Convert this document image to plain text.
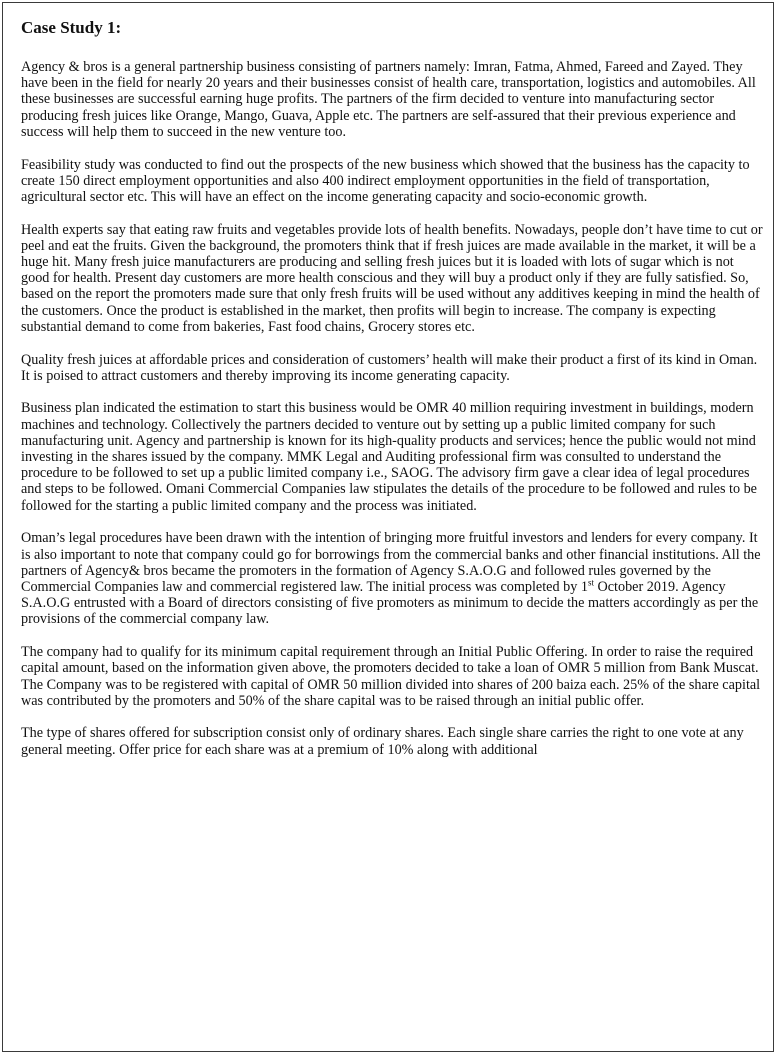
Case Study 1:

Agency & bros is a general partnership business consisting of partners namely: Imran, Fatma, Ahmed, Fareed and Zayed. They have been in the field for nearly 20 years and their businesses consist of health care, transportation, logistics and automobiles. All these businesses are successful earning huge profits. The partners of the firm decided to venture into manufacturing sector producing fresh juices like Orange, Mango, Guava, Apple etc. The partners are self-assured that their previous experience and success will help them to succeed in the new venture too.

Feasibility study was conducted to find out the prospects of the new business which showed that the business has the capacity to create 150 direct employment opportunities and also 400 indirect employment opportunities in the field of transportation, agricultural sector etc. This will have an effect on the income generating capacity and socio-economic growth.

Health experts say that eating raw fruits and vegetables provide lots of health benefits. Nowadays, people don’t have time to cut or peel and eat the fruits. Given the background, the promoters think that if fresh juices are made available in the market, it will be a huge hit. Many fresh juice manufacturers are producing and selling fresh juices but it is loaded with lots of sugar which is not good for health. Present day customers are more health conscious and they will buy a product only if they are fully satisfied. So, based on the report the promoters made sure that only fresh fruits will be used without any additives keeping in mind the health of the customers. Once the product is established in the market, then profits will begin to increase. The company is expecting substantial demand to come from bakeries, Fast food chains, Grocery stores etc.

Quality fresh juices at affordable prices and consideration of customers’ health will make their product a first of its kind in Oman. It is poised to attract customers and thereby improving its income generating capacity.

Business plan indicated the estimation to start this business would be OMR 40 million requiring investment in buildings, modern machines and technology. Collectively the partners decided to venture out by setting up a public limited company for such manufacturing unit. Agency and partnership is known for its high-quality products and services; hence the public would not mind investing in the shares issued by the company. MMK Legal and Auditing professional firm was consulted to understand the procedure to be followed to set up a public limited company i.e., SAOG. The advisory firm gave a clear idea of legal procedures and steps to be followed. Omani Commercial Companies law stipulates the details of the procedure to be followed and rules to be followed for the starting a public limited company and the process was initiated.

Oman’s legal procedures have been drawn with the intention of bringing more fruitful investors and lenders for every company. It is also important to note that company could go for borrowings from the commercial banks and other financial institutions. All the partners of Agency& bros became the promoters in the formation of Agency S.A.O.G and followed rules governed by the Commercial Companies law and commercial registered law. The initial process was completed by 1st October 2019. Agency S.A.O.G entrusted with a Board of directors consisting of five promoters as minimum to decide the matters accordingly as per the provisions of the commercial company law.

The company had to qualify for its minimum capital requirement through an Initial Public Offering. In order to raise the required capital amount, based on the information given above, the promoters decided to take a loan of OMR 5 million from Bank Muscat. The Company was to be registered with capital of OMR 50 million divided into shares of 200 baiza each. 25% of the share capital was contributed by the promoters and 50% of the share capital was to be raised through an initial public offer.

The type of shares offered for subscription consist only of ordinary shares. Each single share carries the right to one vote at any general meeting. Offer price for each share was at a premium of 10% along with additional
